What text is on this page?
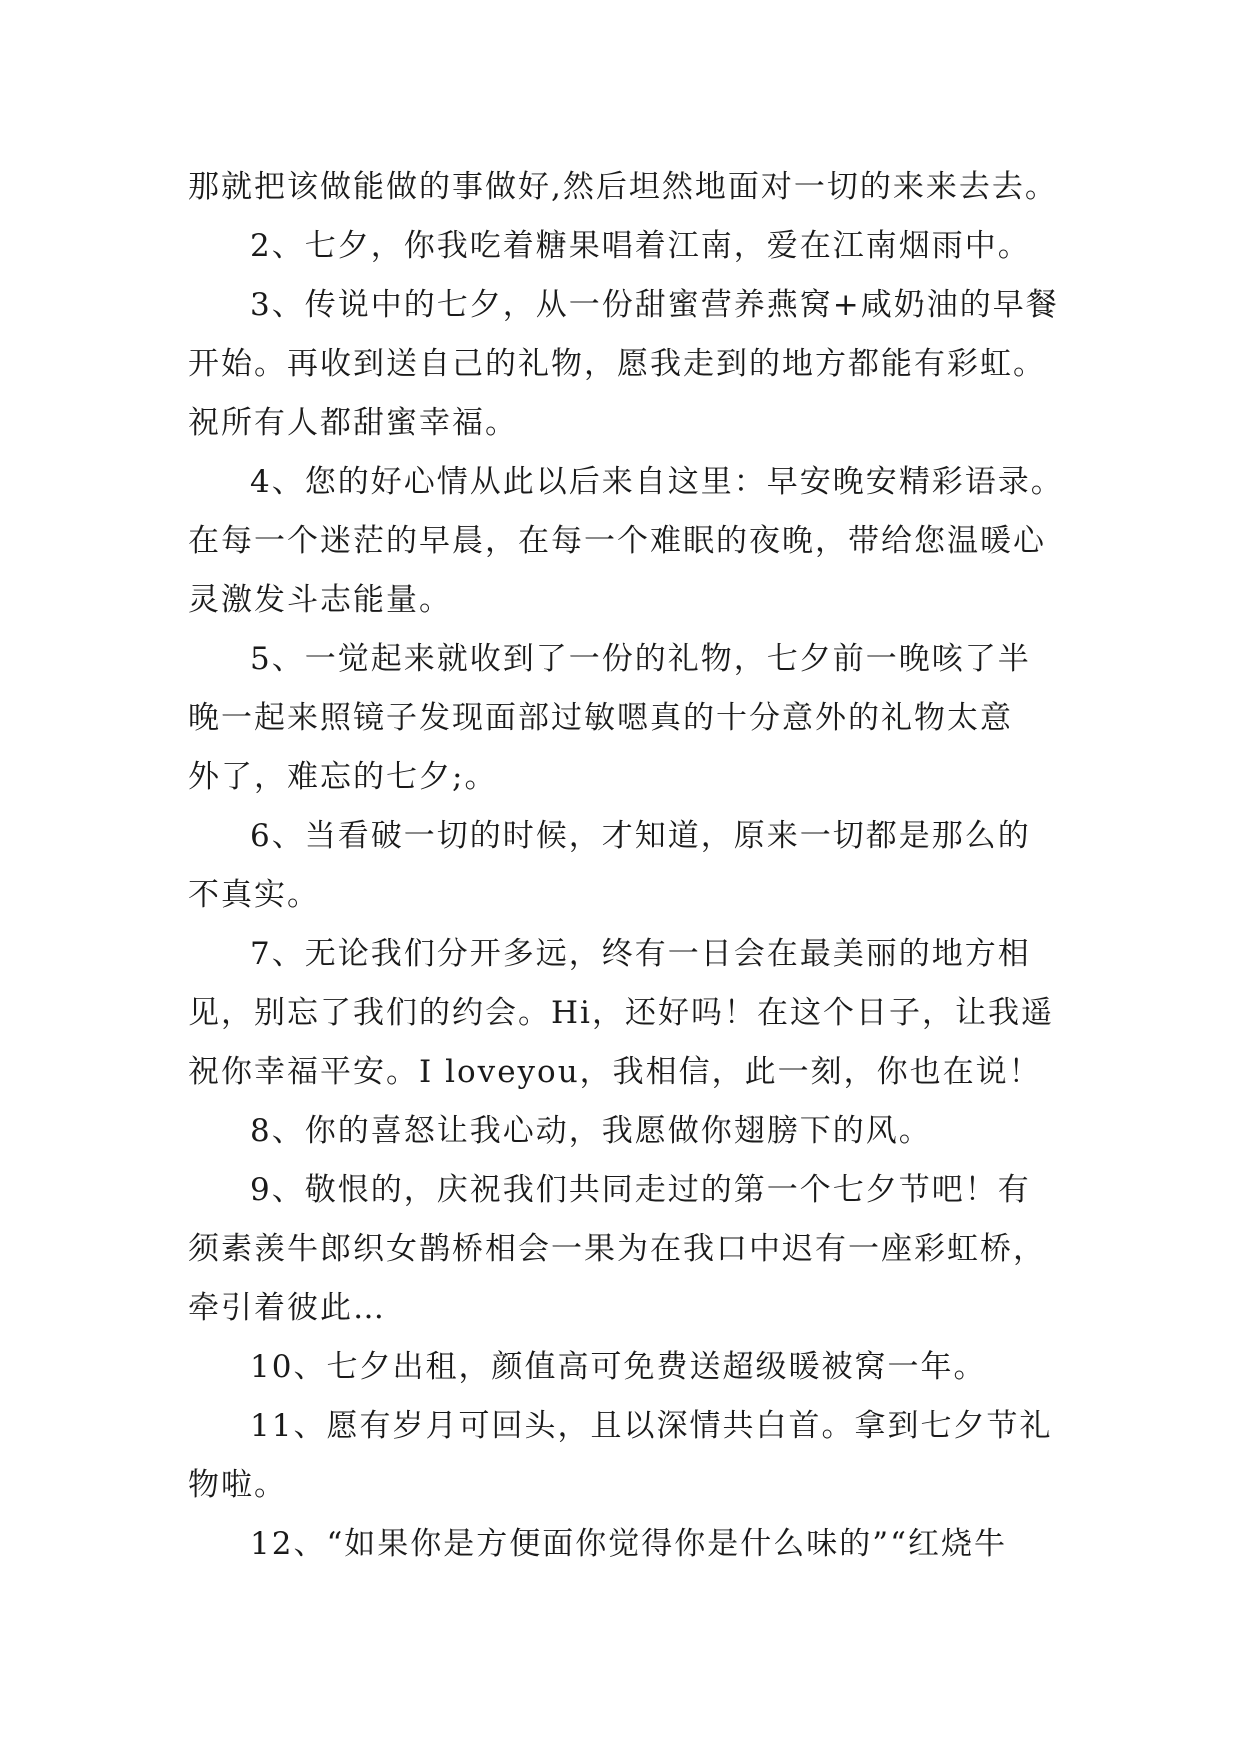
那就把该做能做的事做好,然后坦然地面对一切的来来去去。
2、七夕，你我吃着糖果唱着江南，爱在江南烟雨中。
3、传说中的七夕，从一份甜蜜营养燕窝+咸奶油的早餐
开始。再收到送自己的礼物，愿我走到的地方都能有彩虹。
祝所有人都甜蜜幸福。
4、您的好心情从此以后来自这里：早安晚安精彩语录。
在每一个迷茫的早晨，在每一个难眠的夜晚，带给您温暖心
灵激发斗志能量。
5、一觉起来就收到了一份的礼物，七夕前一晚咳了半
晚一起来照镜子发现面部过敏嗯真的十分意外的礼物太意
外了，难忘的七夕;。
6、当看破一切的时候，才知道，原来一切都是那么的
不真实。
7、无论我们分开多远，终有一日会在最美丽的地方相
见，别忘了我们的约会。Hi，还好吗！在这个日子，让我遥
祝你幸福平安。I loveyou，我相信，此一刻，你也在说！
8、你的喜怒让我心动，我愿做你翅膀下的风。
9、敬恨的，庆祝我们共同走过的第一个七夕节吧！有
须素羡牛郎织女鹊桥相会一果为在我口中迟有一座彩虹桥，
牵引着彼此…
10、七夕出租，颜值高可免费送超级暖被窝一年。
11、愿有岁月可回头，且以深情共白首。拿到七夕节礼
物啦。
12、“如果你是方便面你觉得你是什么味的”“红烧牛
